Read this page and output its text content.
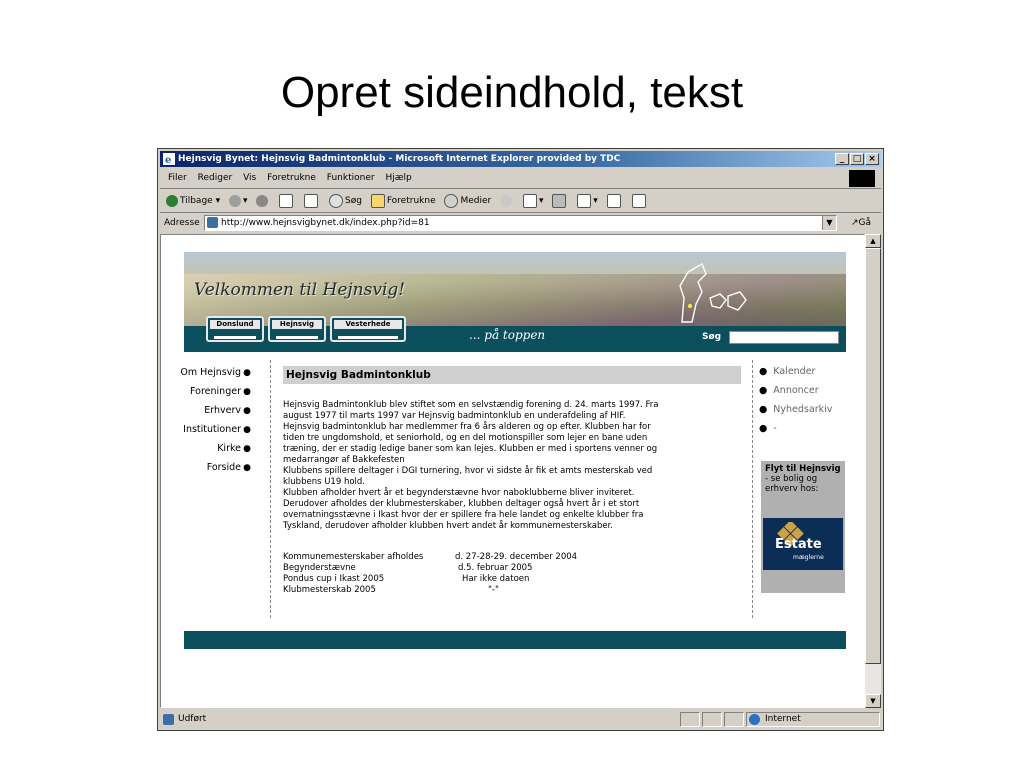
Opret sideindhold, tekst
e Hejnsvig Bynet: Hejnsvig Badmintonklub - Microsoft Internet Explorer provided by TDC	_ □ ×
Filer Rediger Vis Foretrukne Funktioner Hjælp
Tilbage ▾	▾	Søg	Foretrukne	Medier	▾	▾
Adresse	http://www.hejnsvigbynet.dk/index.php?id=81	▼	↗Gå
Velkommen til Hejnsvig!
Donslund	Hejnsvig	Vesterhede
... på toppen	Søg
Om Hejnsvig ●
Foreninger ●
Erhverv ●
Institutioner ●
Kirke ●
Forside ●
Hejnsvig Badmintonklub
Hejnsvig Badmintonklub blev stiftet som en selvstændig forening d. 24. marts 1997. Fra
august 1977 til marts 1997 var Hejnsvig badmintonklub en underafdeling af HIF.
Hejnsvig badmintonklub har medlemmer fra 6 års alderen og op efter. Klubben har for
tiden tre ungdomshold, et seniorhold, og en del motionspiller som lejer en bane uden
træning, der er stadig ledige baner som kan lejes. Klubben er med i sportens venner og
medarrangør af Bakkefesten
Klubbens spillere deltager i DGI turnering, hvor vi sidste år fik et amts mesterskab ved
klubbens U19 hold.
Klubben afholder hvert år et begynderstævne hvor naboklubberne bliver inviteret.
Derudover afholdes der klubmesterskaber, klubben deltager også hvert år i et stort
overnatningsstævne i Ikast hvor der er spillere fra hele landet og enkelte klubber fra
Tyskland, derudover afholder klubben hvert andet år kommunemesterskaber.
Kommunemesterskaber afholdes	d. 27-28-29. december 2004
Begynderstævne	d.5. februar 2005
Pondus cup i Ikast 2005	Har ikke datoen
Klubmesterskab 2005	"-"
● Kalender
● Annoncer
● Nyhedsarkiv
● -
Flyt til Hejnsvig
- se bolig og erhverv hos:
Estate
mæglerne
▲
▼
Udført	Internet
